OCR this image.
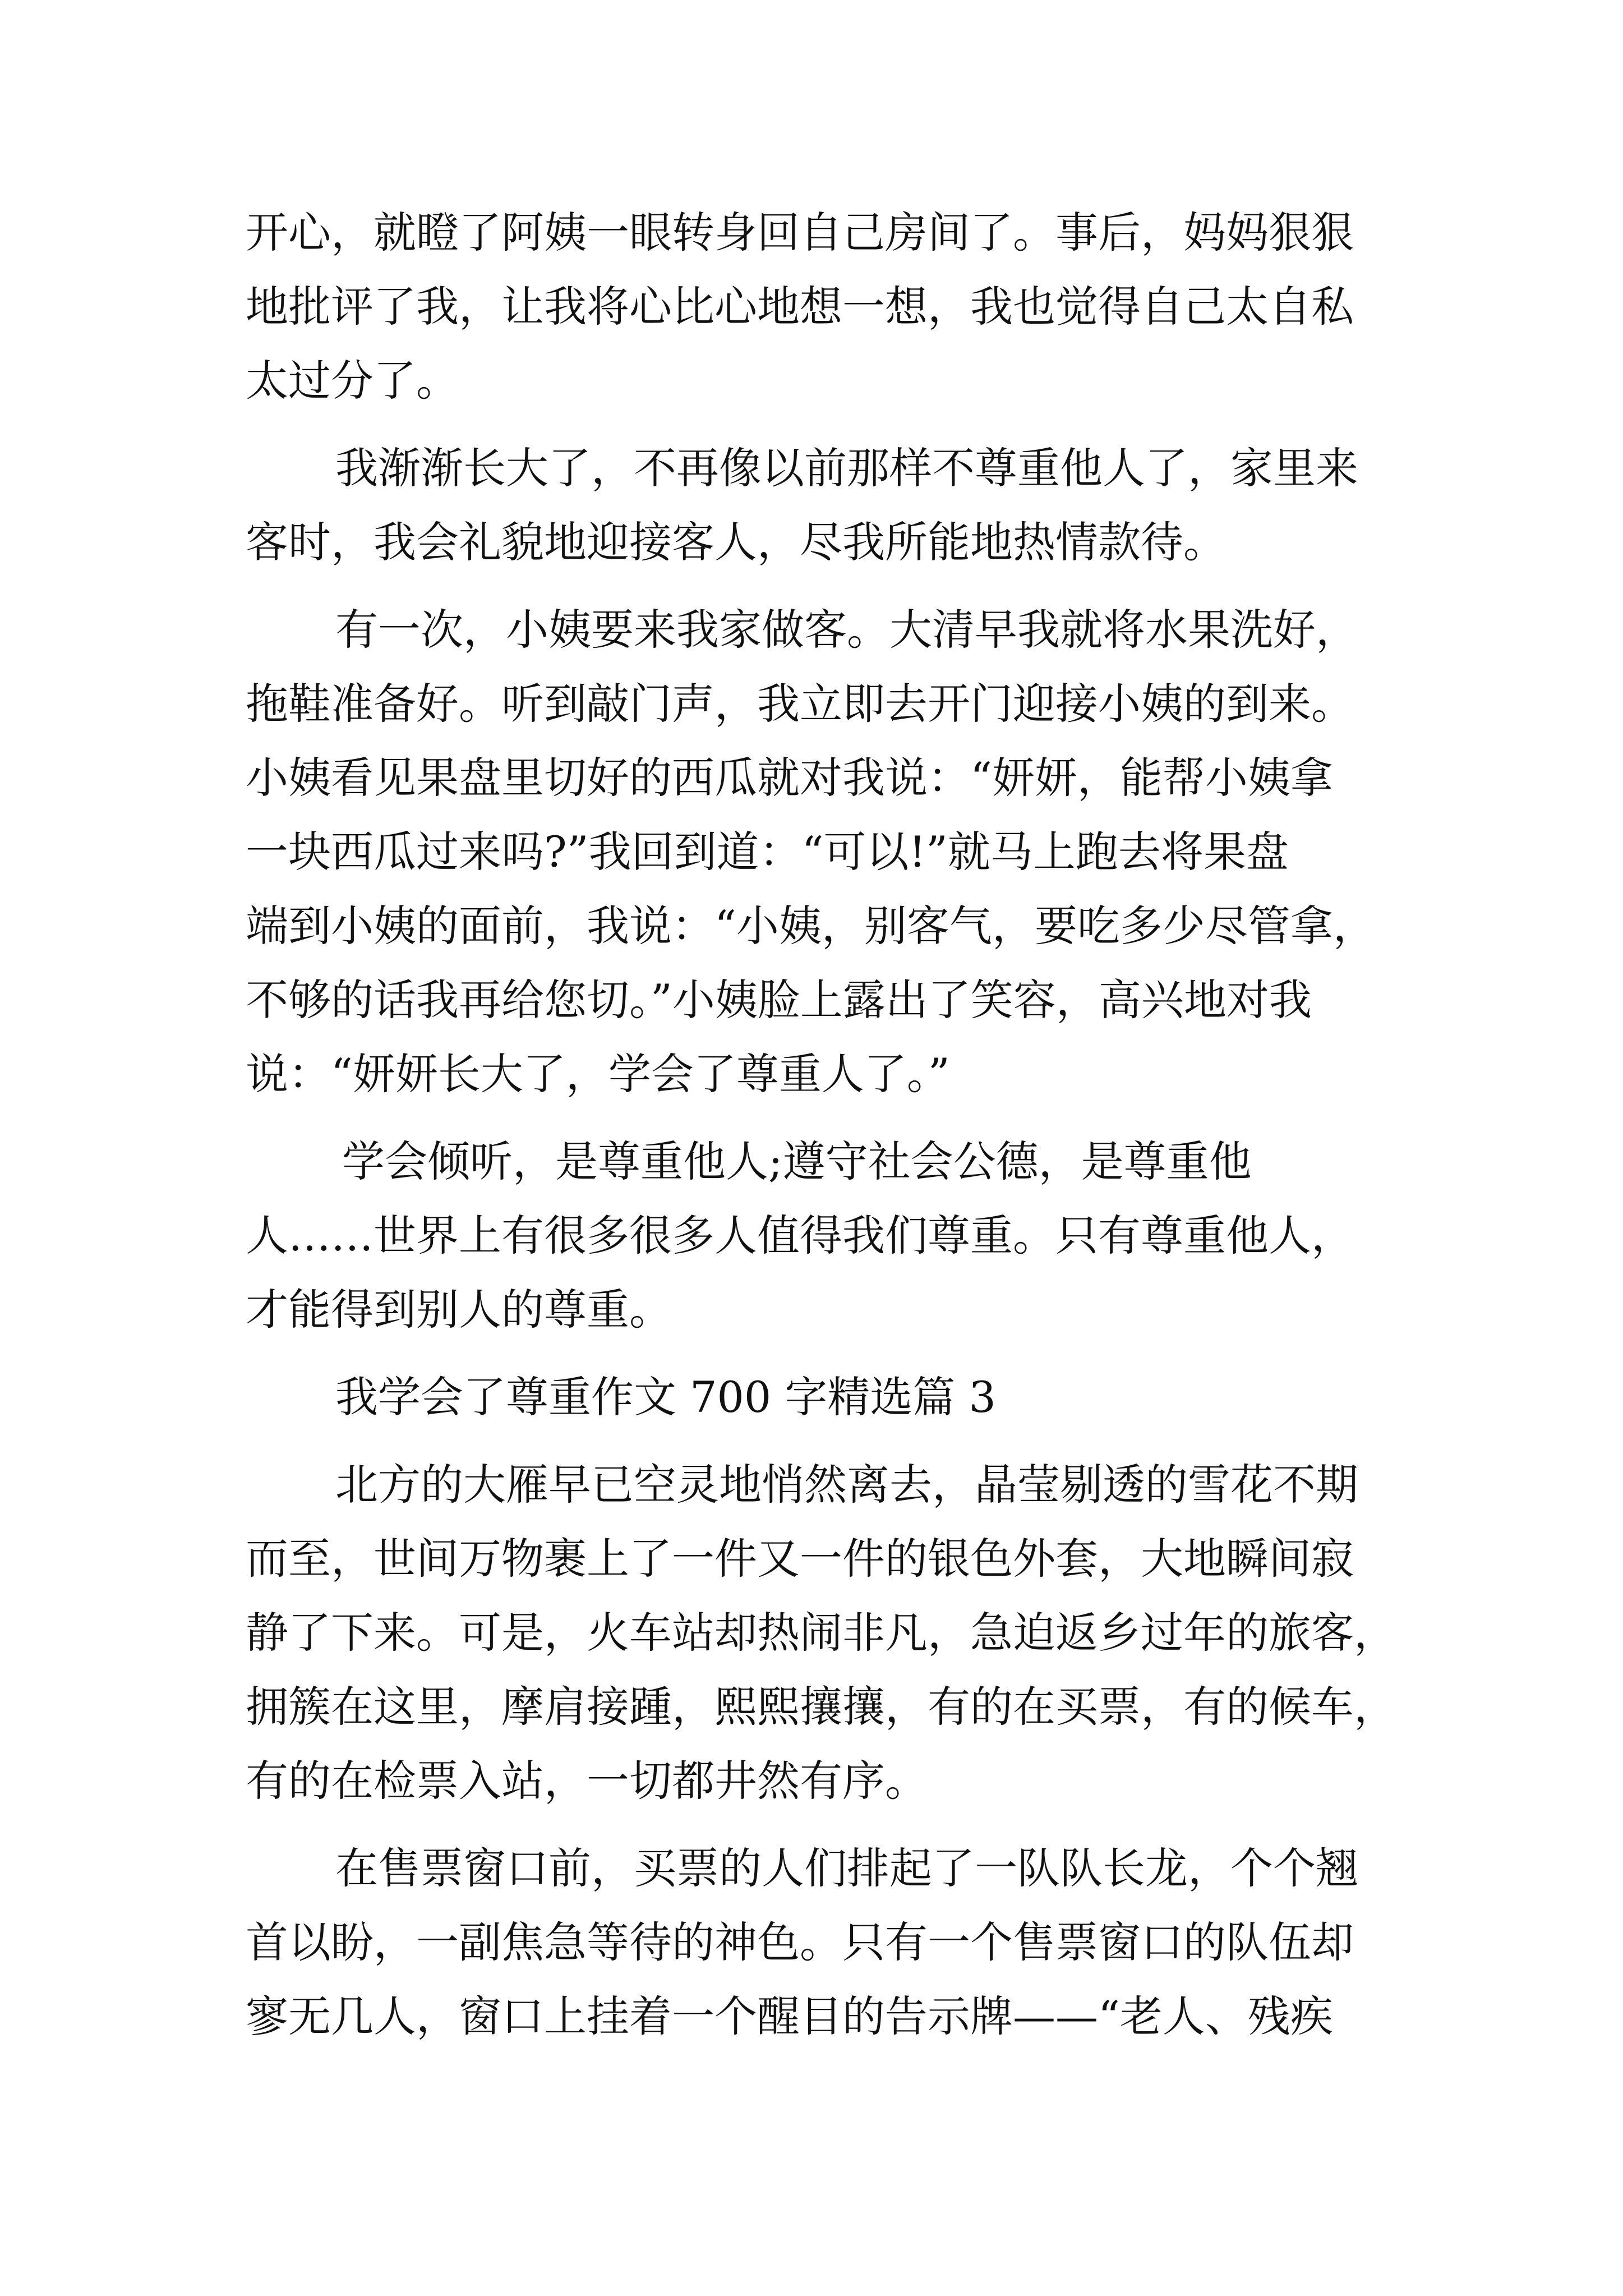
开心，就瞪了阿姨一眼转身回自己房间了。事后，妈妈狠狠
地批评了我，让我将心比心地想一想，我也觉得自己太自私
太过分了。
我渐渐长大了，不再像以前那样不尊重他人了，家里来
客时，我会礼貌地迎接客人，尽我所能地热情款待。
有一次，小姨要来我家做客。大清早我就将水果洗好，
拖鞋准备好。听到敲门声，我立即去开门迎接小姨的到来。
小姨看见果盘里切好的西瓜就对我说：“妍妍，能帮小姨拿
一块西瓜过来吗?”我回到道：“可以!”就马上跑去将果盘
端到小姨的面前，我说：“小姨，别客气，要吃多少尽管拿，
不够的话我再给您切。”小姨脸上露出了笑容，高兴地对我
说：“妍妍长大了，学会了尊重人了。”
学会倾听，是尊重他人;遵守社会公德，是尊重他
人……世界上有很多很多人值得我们尊重。只有尊重他人，
才能得到别人的尊重。
我学会了尊重作文 700 字精选篇 3
北方的大雁早已空灵地悄然离去，晶莹剔透的雪花不期
而至，世间万物裹上了一件又一件的银色外套，大地瞬间寂
静了下来。可是，火车站却热闹非凡，急迫返乡过年的旅客，
拥簇在这里，摩肩接踵，熙熙攘攘，有的在买票，有的候车，
有的在检票入站，一切都井然有序。
在售票窗口前，买票的人们排起了一队队长龙，个个翘
首以盼，一副焦急等待的神色。只有一个售票窗口的队伍却
寥无几人，窗口上挂着一个醒目的告示牌——“老人、残疾
